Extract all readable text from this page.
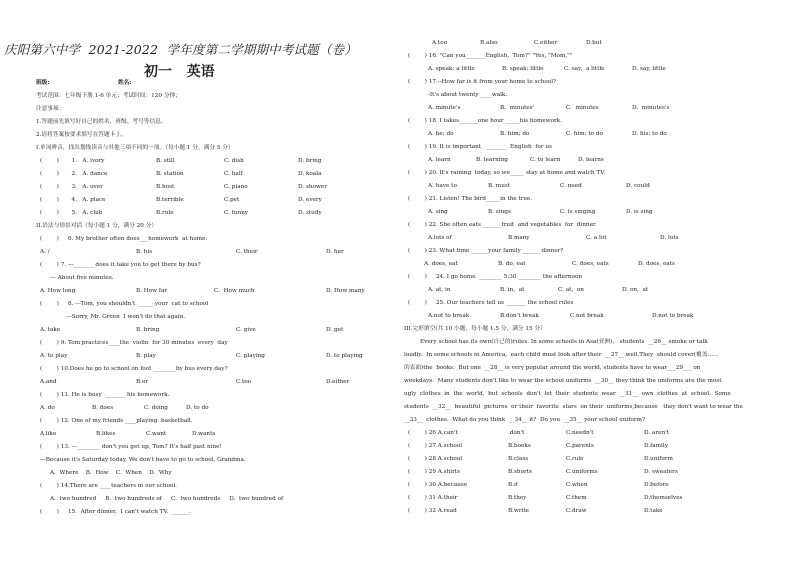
庆阳第六中学  2021-2022  学年度第二学期期中考试题（卷）
初一   英语
班级:	姓名:
考试范围：七年级下册 1-6 单元；考试时间：120 分钟；
注意事项：
1.答题前先填写好自己的姓名、班级、考号等信息。
2.请将答案按要求填写在答题卡上。
I.单词辨音，找出划线读音与其他三项不同的一项。（每小题 1 分，满分 5 分）
(        )       1.   A. ivory	B. still	C. dish	D. bring
(        )       2.   A. dance	B. station	C. half	D. koala
(        )       3.   A. over	B.host	C. piano	D. shower
(        )       4.   A. place	B.terrible	C.pet	D. every
(        )       5.   A. club	B.rule	C. funny	D. study
II.语法与情景对话（每小题 1 分，满分 20 分）
(        )     6. My brother often does___homework  at home.
A. /	B. his	C. their	D. her
(        ) 7. ---_______ does it take you to get there by bus?
--- About five minutes.
A. How long	B. How far	C.  How much	D. How many
(        )     8. ---Tom, you shouldn't  _____ your  cat to school
---Sorry, Mr. Green  I won't do that again.
A. take	B. bring	C. give	D. get
(        ) 9. Tom practices____the  violin  for 30 minutes  every  day
A. to play	B. play	C. playing	D. to playing
(        ) 10.Does he go to school on foot ________by bus every day?
A.and	B.or	C.too	D.either
(        ) 11. He is busy  _______ his homework.
A. do	B. does	C. doing	D. to do
(        ) 12. One of my friends ____playing  basketball.
A.like	B.likes	C.want	D.wants
(        ) 13. —________ don't you get up, Tom? It's half past nine!
—Because it's Saturday today. We don't have to go to school, Grandma.
A.  Where    B.  How    C.  When    D.  Why
(        ) 14.There are ____teachers in our school.
A.  two hundred     B.  two hundreds of     C.  two hundreds     D.  two hundred of
(        )     15.  After dinner,  I can't watch TV.  ______.
A.too	B.also	C.either	D.but
(        ) 16. "Can you_______English,  Tom?" "Yes, "Mom,""
A. speak; a little	B. speak; little	C. say,  a little	D. say, little
(        ) 17.--How far is it from your home to school?
-It's about twenty ____walk.
A. minute's	B.  minutes'	C.  minutes	D.  minutes's
(        ) 18. I takes ______one hour _____his homework.
A. he; do	B. him; do	C. him; to do	D. his; to do
(        ) 19. It is important   _______  English  for us
A. learn	B. learning	C. to learn	D. learns
(        ) 20. It's raining  today, so we_____ stay at home and watch TV.
A. have to	B. must	C. need	D. could
(        ) 21. Listen! The bird_____in the tree.
A. sing	B. sings	C. is singing	D. is sing
(        ) 22. She often eats ______ fruit  and vegetables  for  dinner.
A.lots of	B.many	C. a lot	D. lots
(        ) 23. What time ______your family ______ dinner?
A. does, eat	B. do, eat	C. does, eats	D. does, eats
(        )     24. I go home  ________ 5:30 ________ the afternoon
A. at, in	B. in,  at	C. at,  on	D. on,  at
(        )     25. Our teachers tell us _______ the school rules
A.not to break	B.don't break	C.not break	D.not to break
III.完形填空(共 10 小题，每小题 1.5 分，满分 15 分）
Every school has its own(自己的)rules. In some schools in Asa(亚洲)， students  __26__ smoke or talk
loudly.  In some schools in America,  each child must look after their  __27__ well.They  should cover(覆盖……
的表面)the  books.  But one  __28__ is very popular around the world, students have to wear___29___ on
weekdays.  Many students don't like to wear the school uniforms  __30__ they think the uniforms are the most
ugly  clothes  in  the  world,  but  schools  don't  let  their  students  wear  __31__  own  clothes  at  school.  Some
students  __32__  beautiful  pictures  or their  favorite  stars  on their  uniforms,because   they don't want to wear the
__33__  clothes.  What do you think  __34__ it?  Do you  __35__ your school uniform?
(        ) 26 A.can't	.don't	C.needn't	D. aren't
(        ) 27 A.school	B.books	C.parents	D.family
(        ) 28 A.school	B.class	C.rule	D.uniform
(        ) 29 A.shirts	B.shorts	C.uniforms	D. sweaters
(        ) 30 A.because	B.if	C.when	D.before
(        ) 31 A.their	B.they	C.them	D.themselves
(        ) 32 A.read	B.write	C.draw	D.take
